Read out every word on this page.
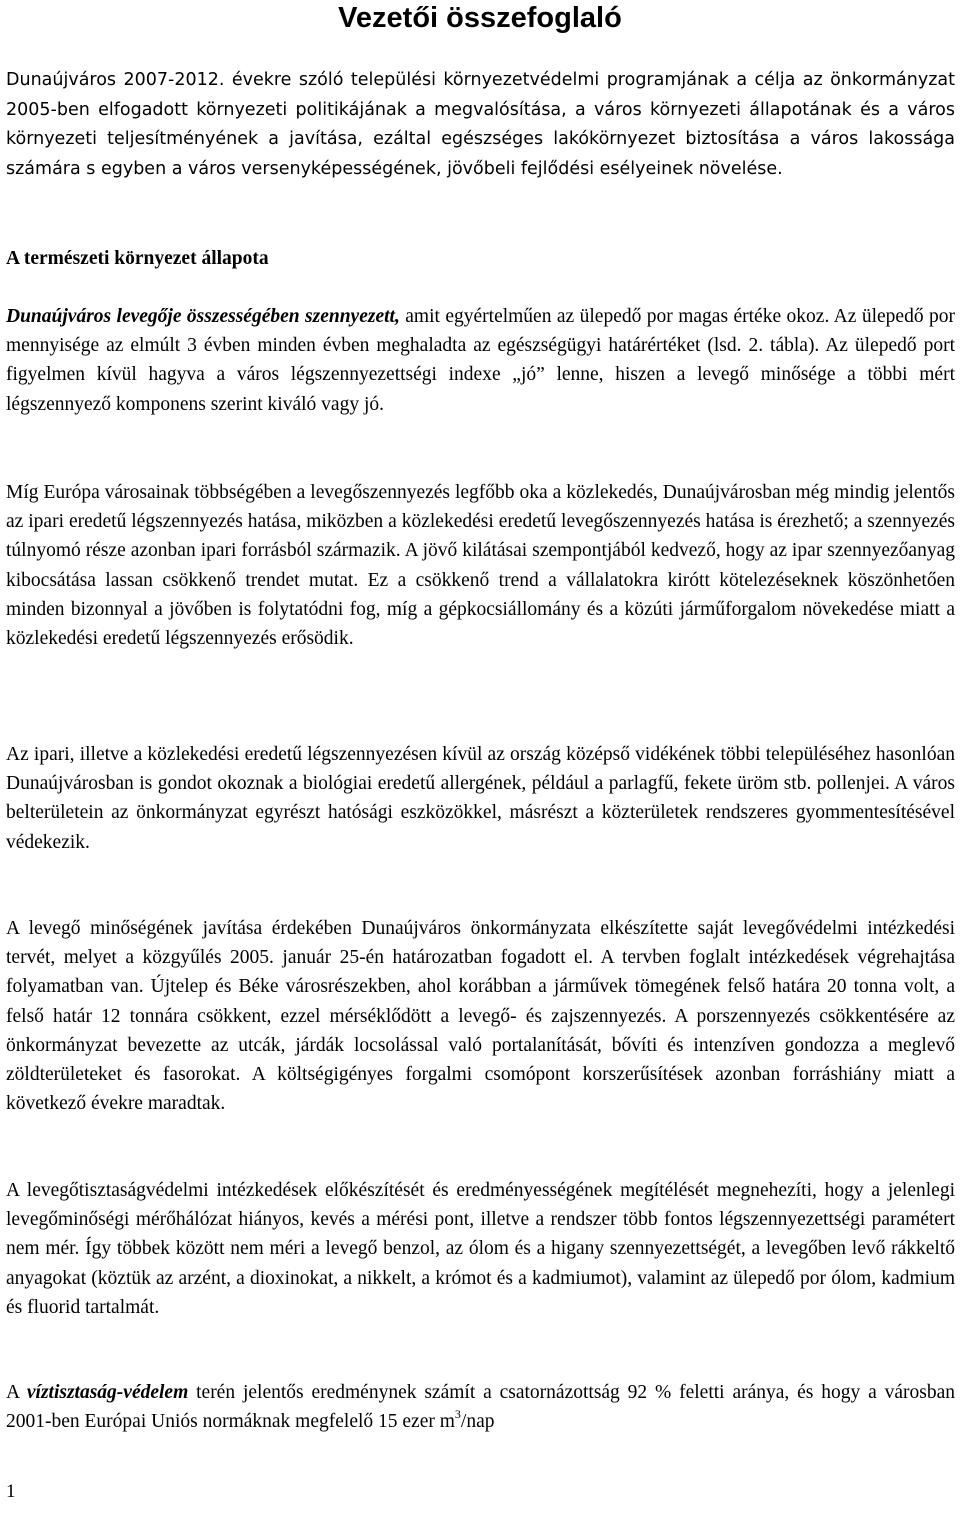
Vezetői összefoglaló

Dunaújváros 2007-2012. évekre szóló települési környezetvédelmi programjának a célja az önkormányzat 2005-ben elfogadott környezeti politikájának a megvalósítása, a város környezeti állapotának és a város környezeti teljesítményének a javítása, ezáltal egészséges lakókörnyezet biztosítása a város lakossága számára s egyben a város versenyképességének, jövőbeli fejlődési esélyeinek növelése.

A természeti környezet állapota

Dunaújváros levegője összességében szennyezett, amit egyértelműen az ülepedő por magas értéke okoz. Az ülepedő por mennyisége az elmúlt 3 évben minden évben meghaladta az egészségügyi határértéket (lsd. 2. tábla). Az ülepedő port figyelmen kívül hagyva a város légszennyezettségi indexe „jó” lenne, hiszen a levegő minősége a többi mért légszennyező komponens szerint kiváló vagy jó.

Míg Európa városainak többségében a levegőszennyezés legfőbb oka a közlekedés, Dunaújvárosban még mindig jelentős az ipari eredetű légszennyezés hatása, miközben a közlekedési eredetű levegőszennyezés hatása is érezhető; a szennyezés túlnyomó része azonban ipari forrásból származik. A jövő kilátásai szempontjából kedvező, hogy az ipar szennyezőanyag kibocsátása lassan csökkenő trendet mutat. Ez a csökkenő trend a vállalatokra kirótt kötelezéseknek köszönhetően minden bizonnyal a jövőben is folytatódni fog, míg a gépkocsiállomány és a közúti járműforgalom növekedése miatt a közlekedési eredetű légszennyezés erősödik.

Az ipari, illetve a közlekedési eredetű légszennyezésen kívül az ország középső vidékének többi településéhez hasonlóan Dunaújvárosban is gondot okoznak a biológiai eredetű allergének, például a parlagfű, fekete üröm stb. pollenjei. A város belterületein az önkormányzat egyrészt hatósági eszközökkel, másrészt a közterületek rendszeres gyommentesítésével védekezik.

A levegő minőségének javítása érdekében Dunaújváros önkormányzata elkészítette saját levegővédelmi intézkedési tervét, melyet a közgyűlés 2005. január 25-én határozatban fogadott el. A tervben foglalt intézkedések végrehajtása folyamatban van. Újtelep és Béke városrészekben, ahol korábban a járművek tömegének felső határa 20 tonna volt, a felső határ 12 tonnára csökkent, ezzel mérséklődött a levegő- és zajszennyezés. A porszennyezés csökkentésére az önkormányzat bevezette az utcák, járdák locsolással való portalanítását, bővíti és intenzíven gondozza a meglevő zöldterületeket és fasorokat. A költségigényes forgalmi csomópont korszerűsítések azonban forráshiány miatt a következő évekre maradtak.

A levegőtisztaságvédelmi intézkedések előkészítését és eredményességének megítélését megnehezíti, hogy a jelenlegi levegőminőségi mérőhálózat hiányos, kevés a mérési pont, illetve a rendszer több fontos légszennyezettségi paramétert nem mér. Így többek között nem méri a levegő benzol, az ólom és a higany szennyezettségét, a levegőben levő rákkeltő anyagokat (köztük az arzént, a dioxinokat, a nikkelt, a krómot és a kadmiumot), valamint az ülepedő por ólom, kadmium és fluorid tartalmát.

A víztisztaság-védelem terén jelentős eredménynek számít a csatornázottság 92 % feletti aránya, és hogy a városban 2001-ben Európai Uniós normáknak megfelelő 15 ezer $m^3$/nap

1
